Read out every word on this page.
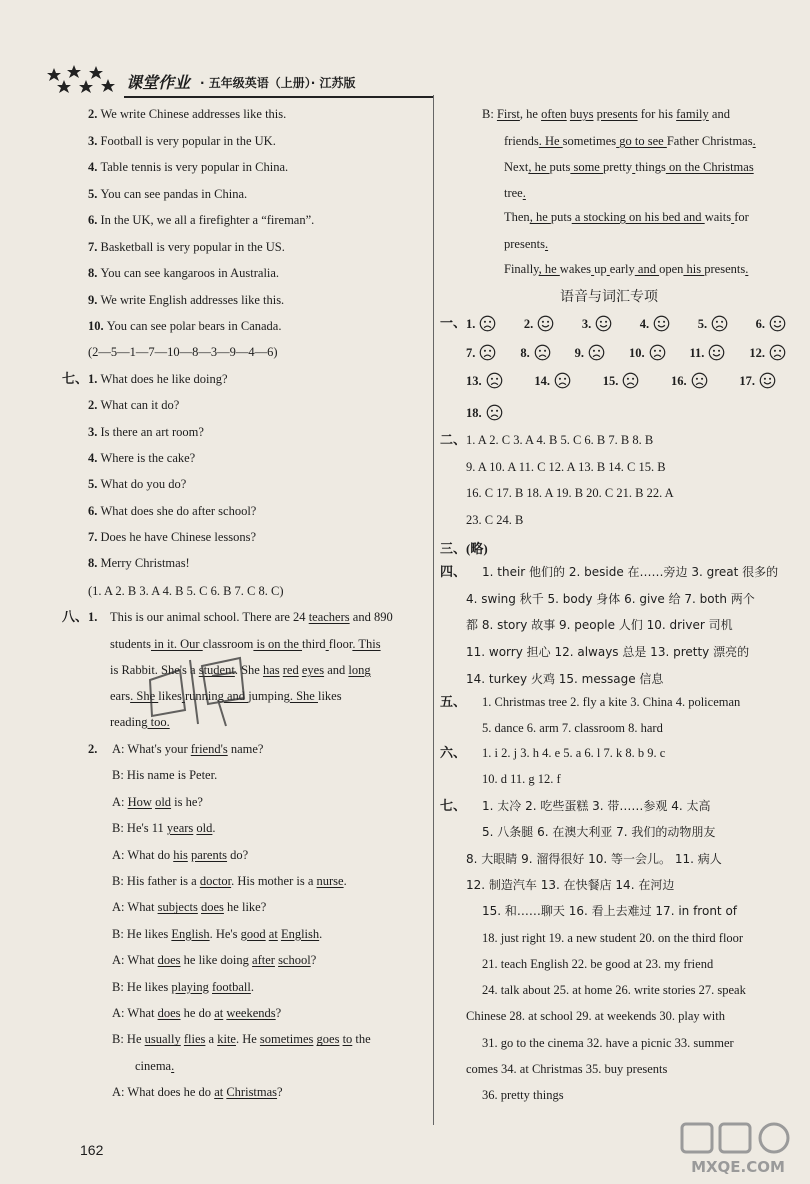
课堂作业 · 五年级英语（上册）· 江苏版
2. We write Chinese addresses like this.
3. Football is very popular in the UK.
4. Table tennis is very popular in China.
5. You can see pandas in China.
6. In the UK, we all a firefighter a “fireman”.
7. Basketball is very popular in the US.
8. You can see kangaroos in Australia.
9. We write English addresses like this.
10. You can see polar bears in Canada.
(2—5—1—7—10—8—3—9—4—6)
七、 1. What does he like doing?
2. What can it do?
3. Is there an art room?
4. Where is the cake?
5. What do you do?
6. What does she do after school?
7. Does he have Chinese lessons?
8. Merry Christmas!
(1. A 2. B 3. A 4. B 5. C 6. B 7. C 8. C)
八、 1. This is our animal school. There are 24 teachers and 890
students in it. Our classroom is on the third floor. This
is Rabbit. She's a student. She has red eyes and long
ears. She likes running and jumping. She likes
reading too.
2. A: What's your friend's name?
B: His name is Peter.
A: How old is he?
B: He's 11 years old.
A: What do his parents do?
B: His father is a doctor. His mother is a nurse.
A: What subjects does he like?
B: He likes English. He's good at English.
A: What does he like doing after school?
B: He likes playing football.
A: What does he do at weekends?
B: He usually flies a kite. He sometimes goes to the
cinema.
A: What does he do at Christmas?
B: First, he often buys presents for his family and
friends. He sometimes go to see Father Christmas.
Next, he puts some pretty things on the Christmas
tree.
Then, he puts a stocking on his bed and waits for
presents.
Finally, he wakes up early and open his presents.
一、 1.	2.	3.	4.	5.	6.
7.	8.	9.	10.	11.	12.
13.	14.	15.	16.	17.
18.
二、 1. A 2. C 3. A 4. B 5. C 6. B 7. B 8. B
9. A 10. A 11. C 12. A 13. B 14. C 15. B
16. C 17. B 18. A 19. B 20. C 21. B 22. A
23. C 24. B
三、(略)
四、 1. their 他们的 2. beside 在……旁边 3. great 很多的
4. swing 秋千 5. body 身体 6. give 给 7. both 两个
都 8. story 故事 9. people 人们 10. driver 司机
11. worry 担心 12. always 总是 13. pretty 漂亮的
14. turkey 火鸡 15. message 信息
五、 1. Christmas tree 2. fly a kite 3. China 4. policeman
5. dance 6. arm 7. classroom 8. hard
六、 1. i 2. j 3. h 4. e 5. a 6. l 7. k 8. b 9. c
10. d 11. g 12. f
七、 1. 太冷 2. 吃些蛋糕 3. 带……参观 4. 太高
5. 八条腿 6. 在澳大利亚 7. 我们的动物朋友
8. 大眼睛 9. 溜得很好 10. 等一会儿。 11. 病人
12. 制造汽车 13. 在快餐店 14. 在河边
15. 和……聊天 16. 看上去难过 17. in front of
18. just right 19. a new student 20. on the third floor
21. teach English 22. be good at 23. my friend
24. talk about 25. at home 26. write stories 27. speak
Chinese 28. at school 29. at weekends 30. play with
31. go to the cinema 32. have a picnic 33. summer
comes 34. at Christmas 35. buy presents
36. pretty things
语音与词汇专项
162
MXQE.COM
